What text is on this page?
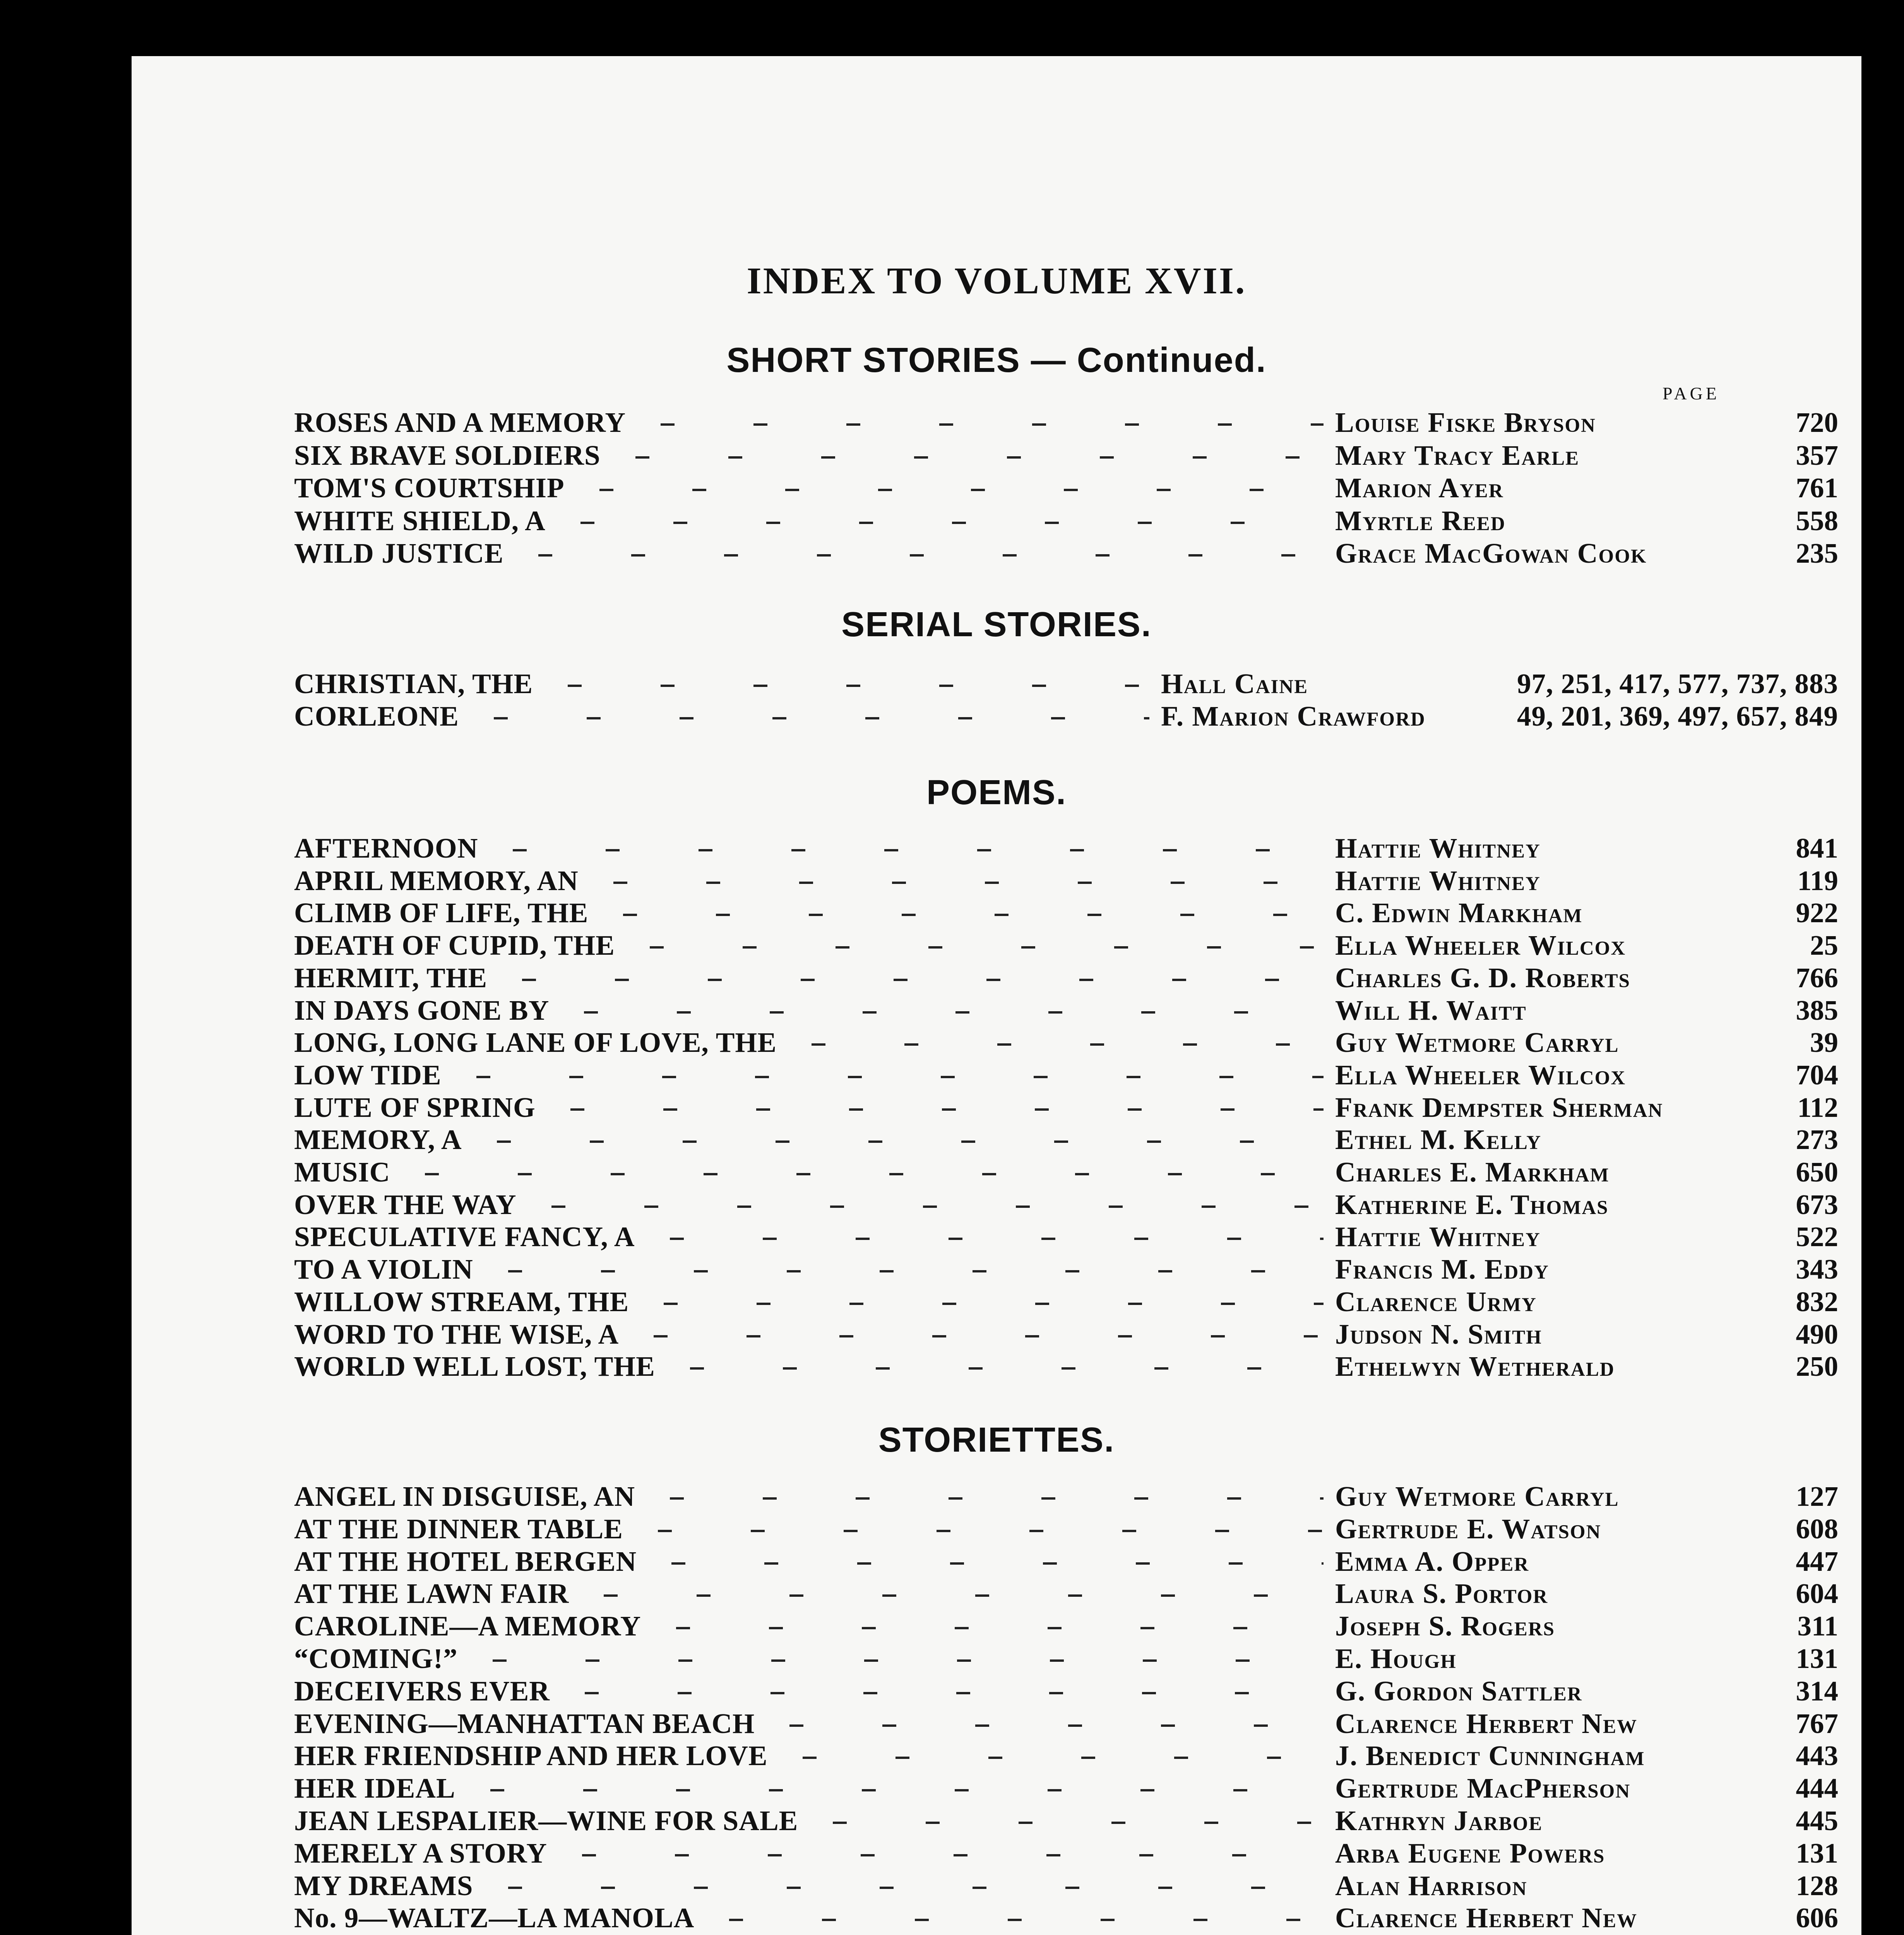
INDEX TO VOLUME XVII.
PAGE
SHORT STORIES — Continued.
ROSES AND A MEMORY	Louise Fiske Bryson	720
SIX BRAVE SOLDIERS	Mary Tracy Earle	357
TOM'S COURTSHIP	Marion Ayer	761
WHITE SHIELD, A	Myrtle Reed	558
WILD JUSTICE	Grace MacGowan Cook	235
SERIAL STORIES.
CHRISTIAN, THE	Hall Caine	97, 251, 417, 577, 737, 883
CORLEONE	F. Marion Crawford	49, 201, 369, 497, 657, 849
POEMS.
AFTERNOON	Hattie Whitney	841
APRIL MEMORY, AN	Hattie Whitney	119
CLIMB OF LIFE, THE	C. Edwin Markham	922
DEATH OF CUPID, THE	Ella Wheeler Wilcox	25
HERMIT, THE	Charles G. D. Roberts	766
IN DAYS GONE BY	Will H. Waitt	385
LONG, LONG LANE OF LOVE, THE	Guy Wetmore Carryl	39
LOW TIDE	Ella Wheeler Wilcox	704
LUTE OF SPRING	Frank Dempster Sherman	112
MEMORY, A	Ethel M. Kelly	273
MUSIC	Charles E. Markham	650
OVER THE WAY	Katherine E. Thomas	673
SPECULATIVE FANCY, A	Hattie Whitney	522
TO A VIOLIN	Francis M. Eddy	343
WILLOW STREAM, THE	Clarence Urmy	832
WORD TO THE WISE, A	Judson N. Smith	490
WORLD WELL LOST, THE	Ethelwyn Wetherald	250
STORIETTES.
ANGEL IN DISGUISE, AN	Guy Wetmore Carryl	127
AT THE DINNER TABLE	Gertrude E. Watson	608
AT THE HOTEL BERGEN	Emma A. Opper	447
AT THE LAWN FAIR	Laura S. Portor	604
CAROLINE—A MEMORY	Joseph S. Rogers	311
“COMING!”	E. Hough	131
DECEIVERS EVER	G. Gordon Sattler	314
EVENING—MANHATTAN BEACH	Clarence Herbert New	767
HER FRIENDSHIP AND HER LOVE	J. Benedict Cunningham	443
HER IDEAL	Gertrude MacPherson	444
JEAN LESPALIER—WINE FOR SALE	Kathryn Jarboe	445
MERELY A STORY	Arba Eugene Powers	131
MY DREAMS	Alan Harrison	128
No. 9—WALTZ—LA MANOLA	Clarence Herbert New	606
